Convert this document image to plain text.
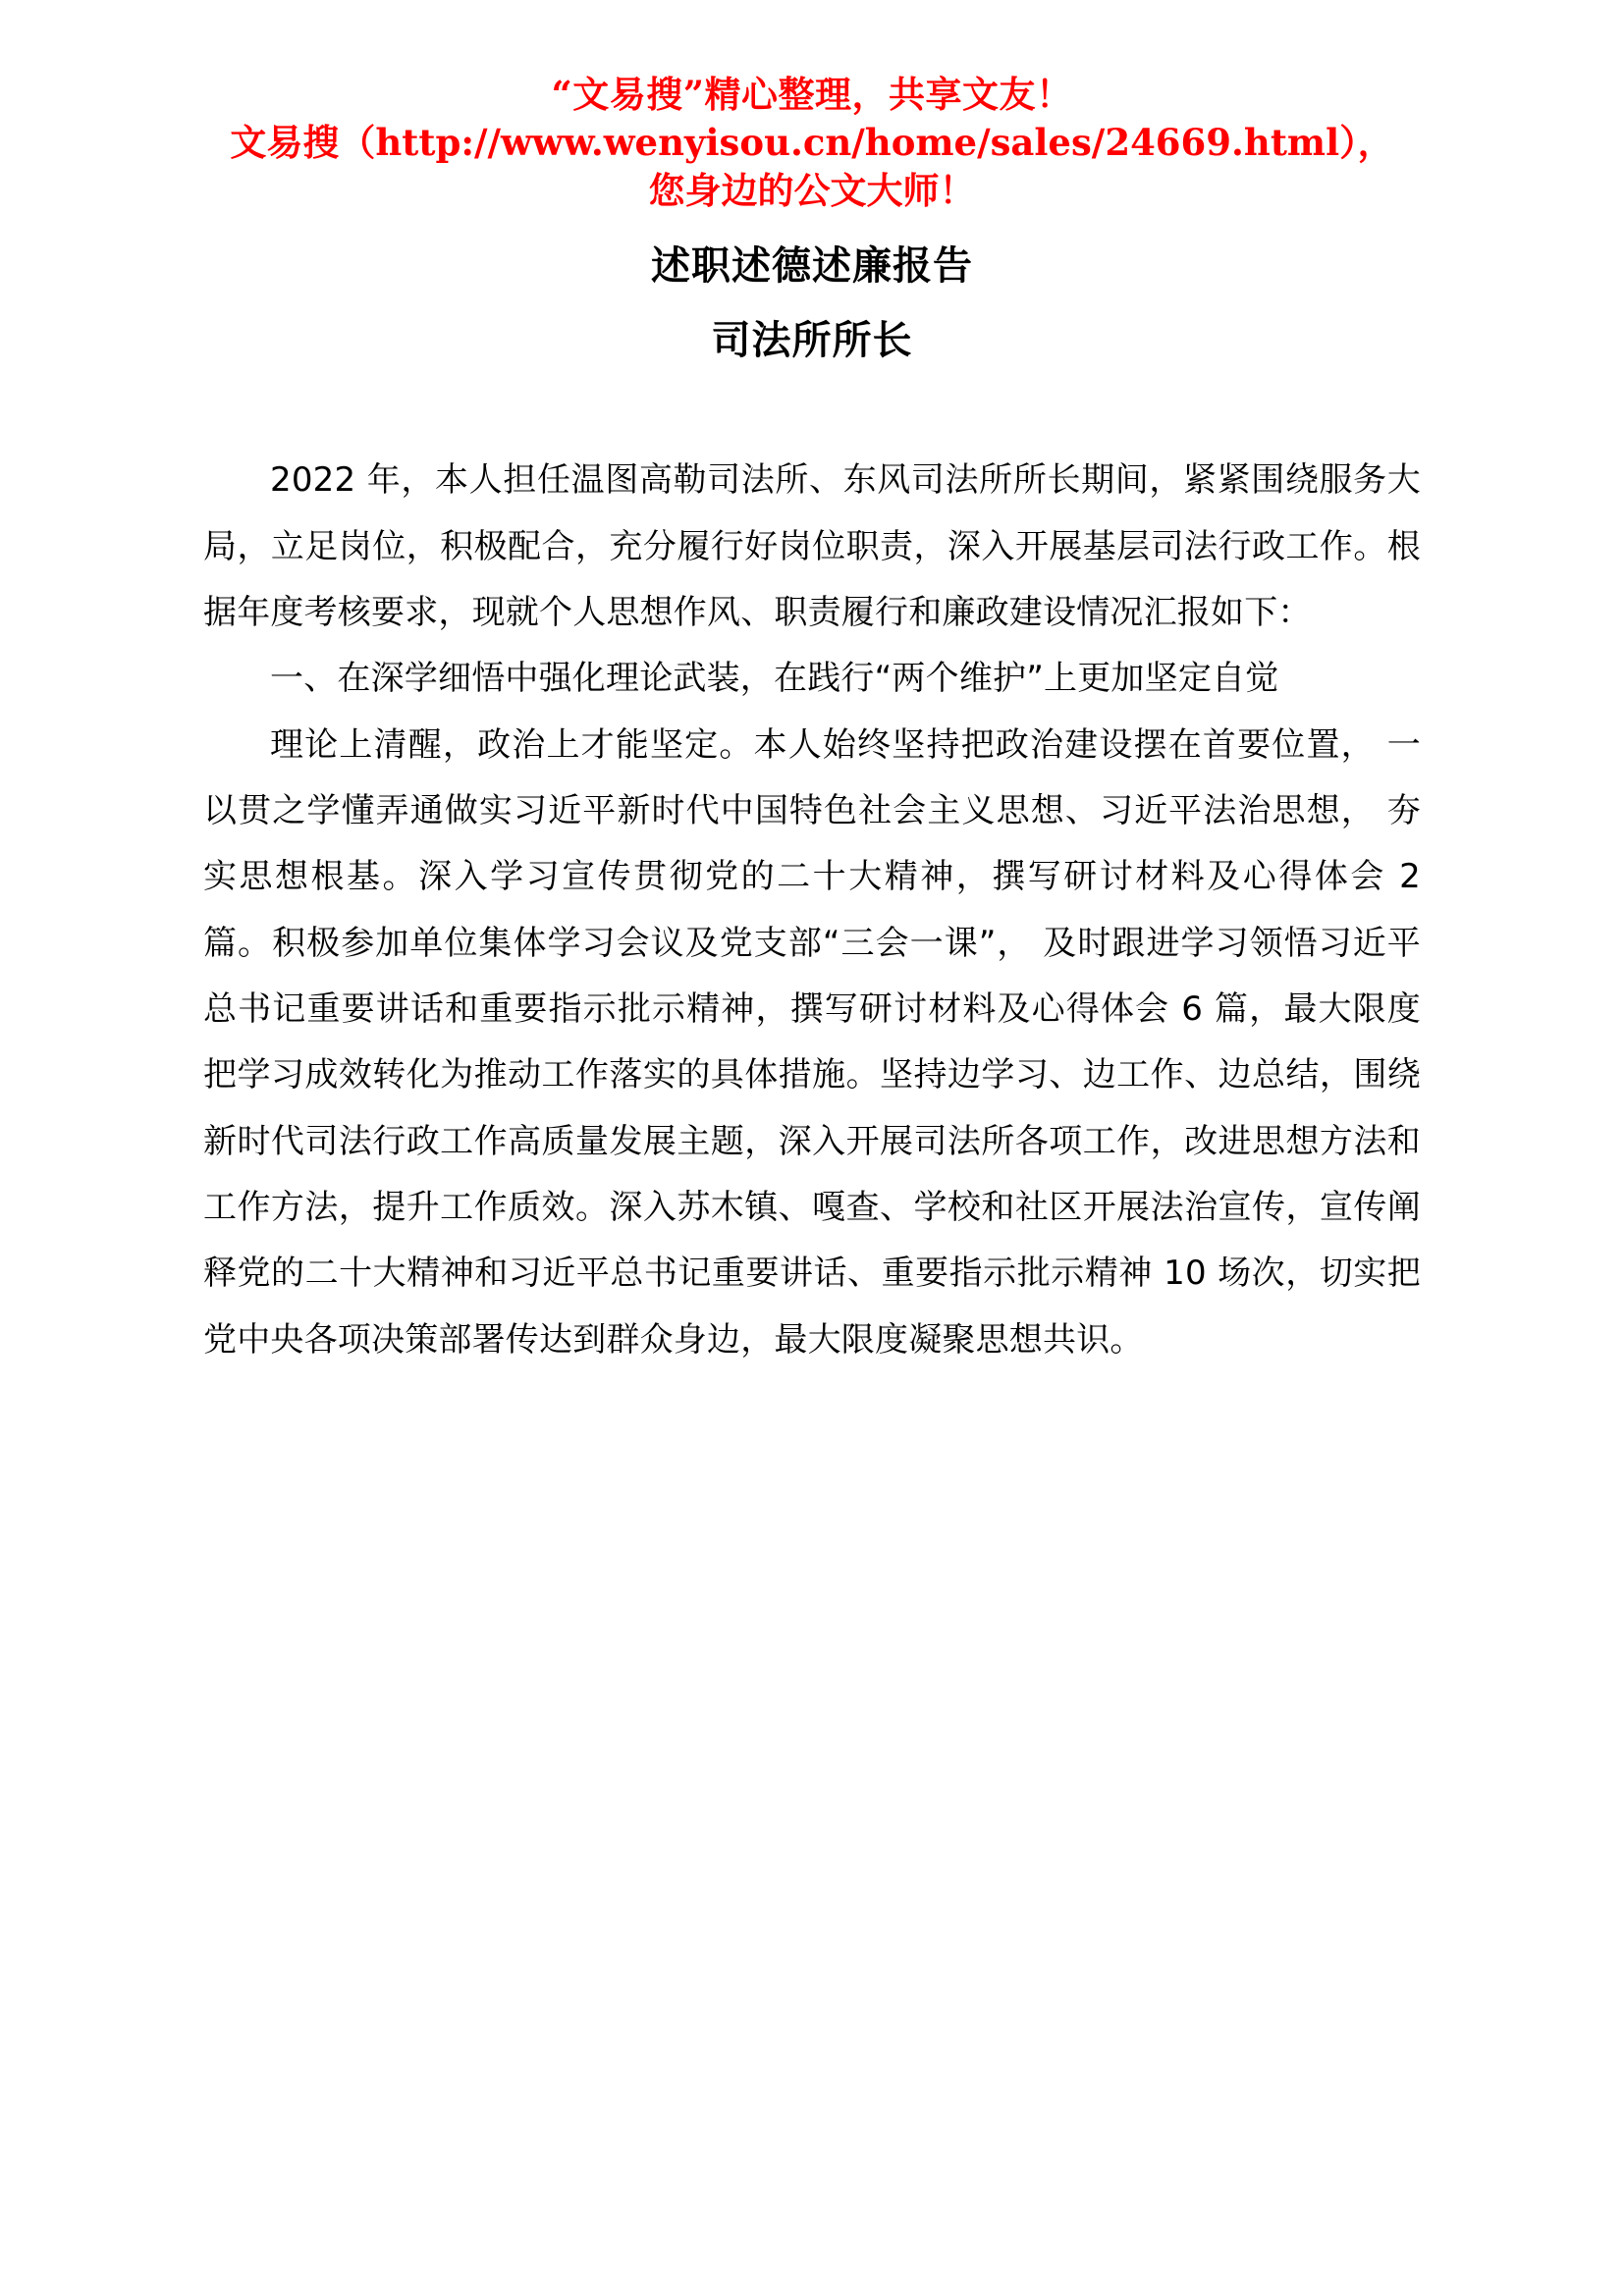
“文易搜”精心整理，共享文友！
文易搜（http://www.wenyisou.cn/home/sales/24669.html），
您身边的公文大师！
述职述德述廉报告
司法所所长

2022 年，本人担任温图高勒司法所、东风司法所所长期间，紧紧围绕服务大局，立足岗位，积极配合，充分履行好岗位职责，深入开展基层司法行政工作。根据年度考核要求，现就个人思想作风、职责履行和廉政建设情况汇报如下：

一、在深学细悟中强化理论武装，在践行“两个维护”上更加坚定自觉

理论上清醒，政治上才能坚定。本人始终坚持把政治建设摆在首要位置， 一以贯之学懂弄通做实习近平新时代中国特色社会主义思想、习近平法治思想， 夯实思想根基。深入学习宣传贯彻党的二十大精神，撰写研讨材料及心得体会 2 篇。积极参加单位集体学习会议及党支部“三会一课”， 及时跟进学习领悟习近平总书记重要讲话和重要指示批示精神，撰写研讨材料及心得体会 6 篇，最大限度把学习成效转化为推动工作落实的具体措施。坚持边学习、边工作、边总结，围绕新时代司法行政工作高质量发展主题，深入开展司法所各项工作，改进思想方法和工作方法，提升工作质效。深入苏木镇、嘎查、学校和社区开展法治宣传，宣传阐释党的二十大精神和习近平总书记重要讲话、重要指示批示精神 10 场次，切实把党中央各项决策部署传达到群众身边，最大限度凝聚思想共识。
